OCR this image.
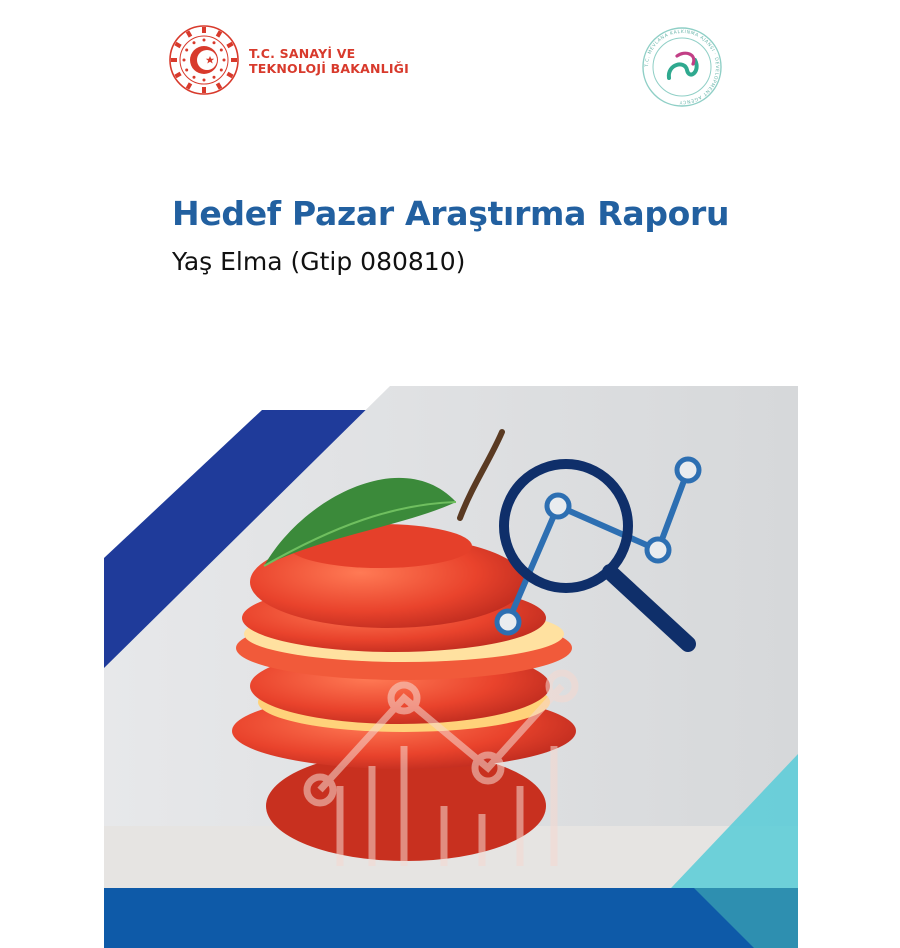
T.C. SANAYİ VE
TEKNOLOJİ BAKANLIĞI	T.C. MEVLANA KALKINMA AJANSI · DEVELOPMENT AGENCY
Hedef Pazar Araştırma Raporu
Yaş Elma (Gtip 080810)
